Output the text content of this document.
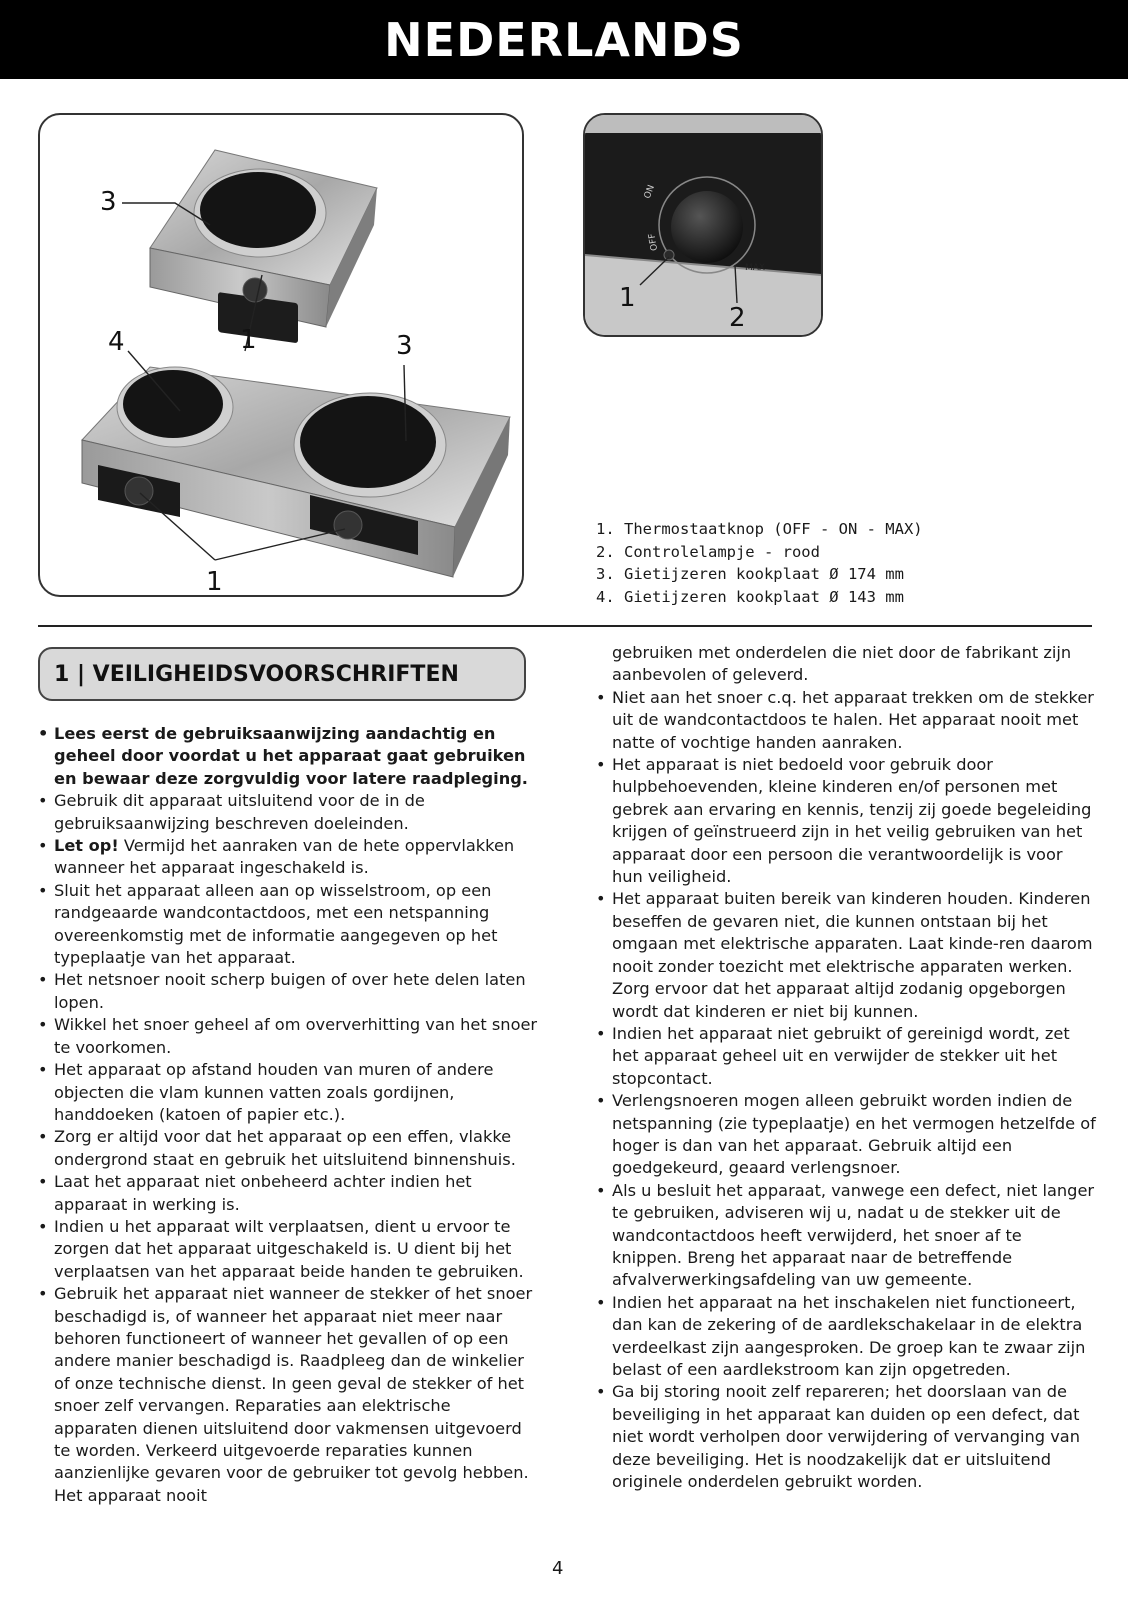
NEDERLANDS
3
4	1	3
1
ON
OFF
MAX
1
2
1. Thermostaatknop (OFF - ON - MAX)
2. Controlelampje - rood
3. Gietijzeren kookplaat Ø 174 mm
4. Gietijzeren kookplaat Ø 143 mm
1 | VEILIGHEIDSVOORSCHRIFTEN

• Lees eerst de gebruiksaanwijzing aandachtig en geheel door voordat u het apparaat gaat gebruiken en bewaar deze zorgvuldig voor latere raadpleging.

• Gebruik dit apparaat uitsluitend voor de in de gebruiksaanwijzing beschreven doeleinden.

• Let op! Vermijd het aanraken van de hete oppervlakken wanneer het apparaat ingeschakeld is.

• Sluit het apparaat alleen aan op wisselstroom, op een randgeaarde wandcontactdoos, met een netspanning overeenkomstig met de informatie aangegeven op het typeplaatje van het apparaat.

• Het netsnoer nooit scherp buigen of over hete delen laten lopen.

• Wikkel het snoer geheel af om oververhitting van het snoer te voorkomen.

• Het apparaat op afstand houden van muren of andere objecten die vlam kunnen vatten zoals gordijnen, handdoeken (katoen of papier etc.).

• Zorg er altijd voor dat het apparaat op een effen, vlakke ondergrond staat en gebruik het uitsluitend binnenshuis.

• Laat het apparaat niet onbeheerd achter indien het apparaat in werking is.

• Indien u het apparaat wilt verplaatsen, dient u ervoor te zorgen dat het apparaat uitgeschakeld is. U dient bij het verplaatsen van het apparaat beide handen te gebruiken.

• Gebruik het apparaat niet wanneer de stekker of het snoer beschadigd is, of wanneer het apparaat niet meer naar behoren functioneert of wanneer het gevallen of op een andere manier beschadigd is. Raadpleeg dan de winkelier of onze technische dienst. In geen geval de stekker of het snoer zelf vervangen. Reparaties aan elektrische apparaten dienen uitsluitend door vakmensen uitgevoerd te worden. Verkeerd uitgevoerde reparaties kunnen aanzienlijke gevaren voor de gebruiker tot gevolg hebben. Het apparaat nooit

gebruiken met onderdelen die niet door de fabrikant zijn aanbevolen of geleverd.

• Niet aan het snoer c.q. het apparaat trekken om de stekker uit de wandcontactdoos te halen. Het apparaat nooit met natte of vochtige handen aanraken.

• Het apparaat is niet bedoeld voor gebruik door hulpbehoevenden, kleine kinderen en/of personen met gebrek aan ervaring en kennis, tenzij zij goede begeleiding krijgen of geïnstrueerd zijn in het veilig gebruiken van het apparaat door een persoon die verantwoordelijk is voor hun veiligheid.

• Het apparaat buiten bereik van kinderen houden. Kinderen beseffen de gevaren niet, die kunnen ontstaan bij het omgaan met elektrische apparaten. Laat kinde-ren daarom nooit zonder toezicht met elektrische apparaten werken. Zorg ervoor dat het apparaat altijd zodanig opgeborgen wordt dat kinderen er niet bij kunnen.

• Indien het apparaat niet gebruikt of gereinigd wordt, zet het apparaat geheel uit en verwijder de stekker uit het stopcontact.

• Verlengsnoeren mogen alleen gebruikt worden indien de netspanning (zie typeplaatje) en het vermogen hetzelfde of hoger is dan van het apparaat. Gebruik altijd een goedgekeurd, geaard verlengsnoer.

• Als u besluit het apparaat, vanwege een defect, niet langer te gebruiken, adviseren wij u, nadat u de stekker uit de wandcontactdoos heeft verwijderd, het snoer af te knippen. Breng het apparaat naar de betreffende afvalverwerkingsafdeling van uw gemeente.

• Indien het apparaat na het inschakelen niet functioneert, dan kan de zekering of de aardlekschakelaar in de elektra verdeelkast zijn aangesproken. De groep kan te zwaar zijn belast of een aardlekstroom kan zijn opgetreden.

• Ga bij storing nooit zelf repareren; het doorslaan van de beveiliging in het apparaat kan duiden op een defect, dat niet wordt verholpen door verwijdering of vervanging van deze beveiliging. Het is noodzakelijk dat er uitsluitend originele onderdelen gebruikt worden.

4
